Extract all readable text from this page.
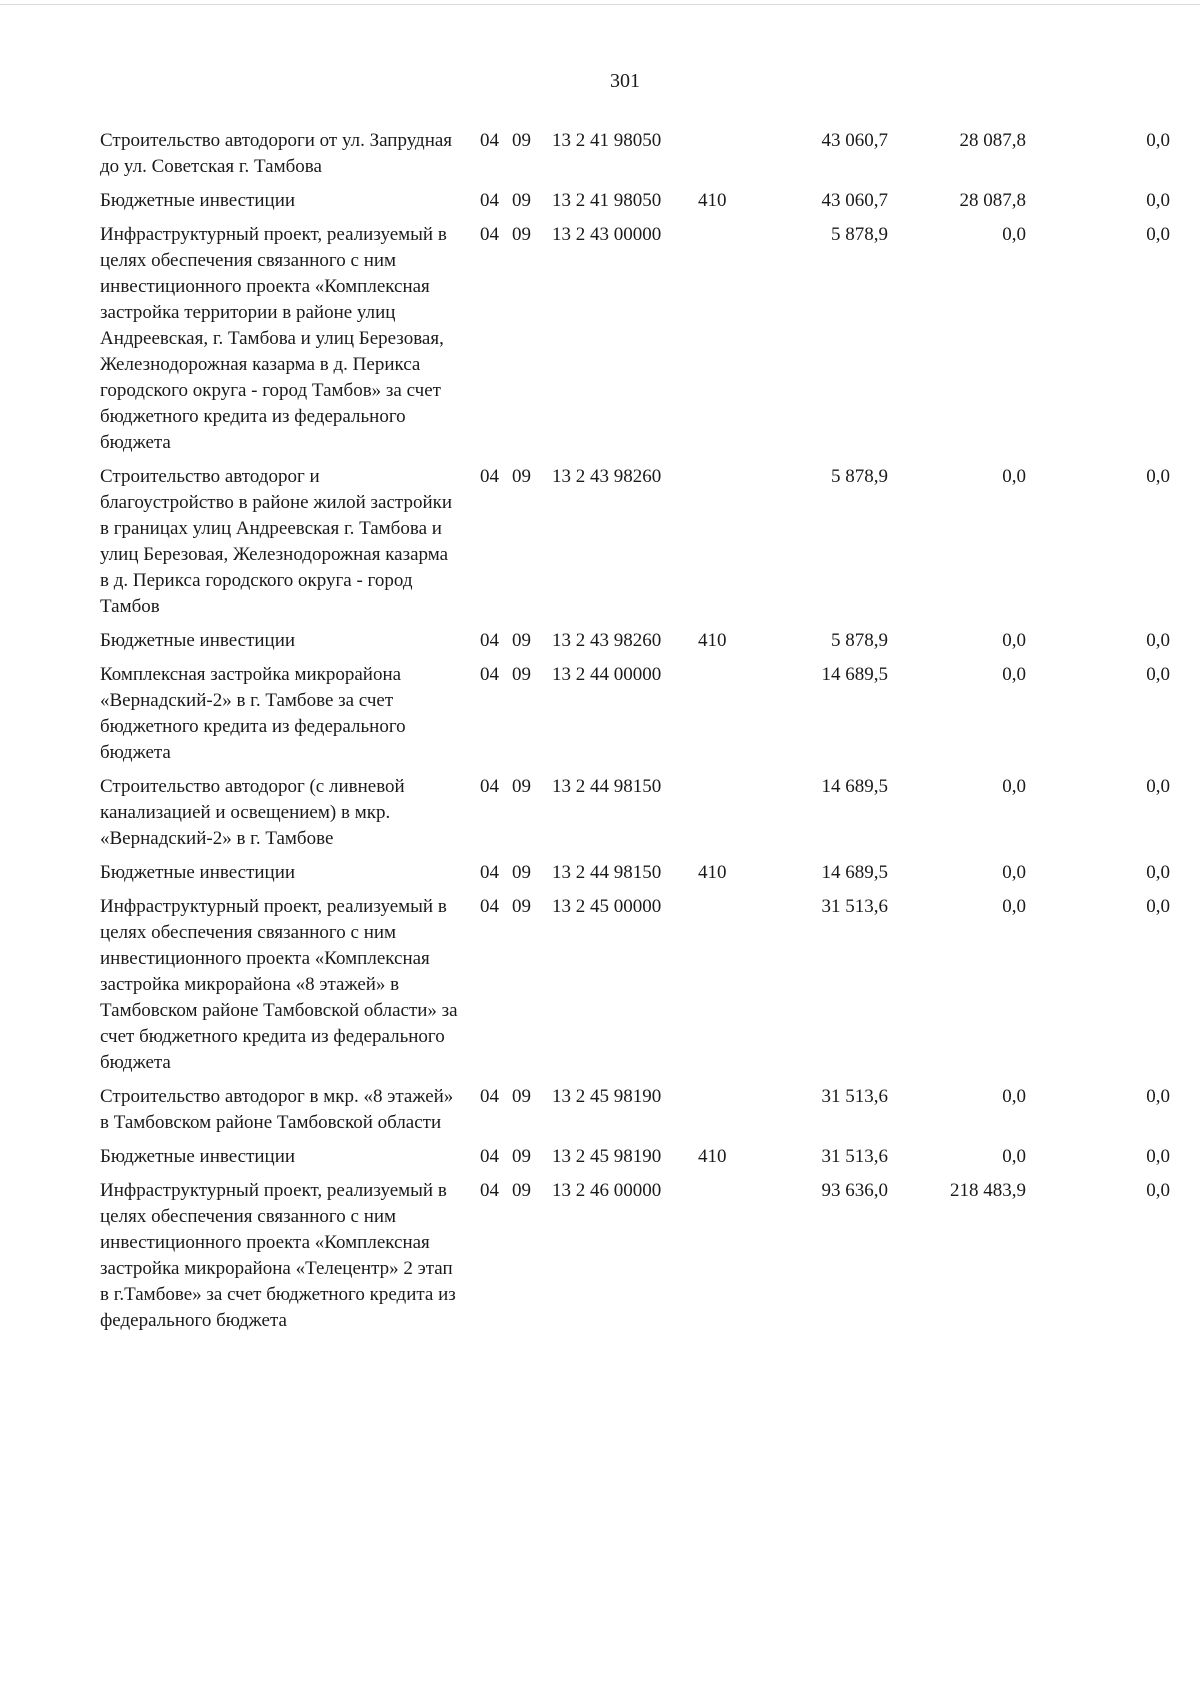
301
Строительство автодороги от ул. Запрудная до ул. Советская г. Тамбова	04	09	13 2 41 98050		43 060,7	28 087,8	0,0
Бюджетные инвестиции	04	09	13 2 41 98050	410	43 060,7	28 087,8	0,0
Инфраструктурный проект, реализуемый в целях обеспечения связанного с ним инвестиционного проекта «Комплексная застройка территории в районе улиц Андреевская, г. Тамбова и улиц Березовая, Железнодорожная казарма в д. Перикса городского округа - город Тамбов» за счет бюджетного кредита из федерального бюджета	04	09	13 2 43 00000		5 878,9	0,0	0,0
Строительство автодорог и благоустройство в районе жилой застройки в границах улиц Андреевская г. Тамбова и улиц Березовая, Железнодорожная казарма в д. Перикса городского округа - город Тамбов	04	09	13 2 43 98260		5 878,9	0,0	0,0
Бюджетные инвестиции	04	09	13 2 43 98260	410	5 878,9	0,0	0,0
Комплексная застройка микрорайона «Вернадский-2» в г. Тамбове за счет бюджетного кредита из федерального бюджета	04	09	13 2 44 00000		14 689,5	0,0	0,0
Строительство автодорог (с ливневой канализацией и освещением) в мкр. «Вернадский-2» в г. Тамбове	04	09	13 2 44 98150		14 689,5	0,0	0,0
Бюджетные инвестиции	04	09	13 2 44 98150	410	14 689,5	0,0	0,0
Инфраструктурный проект, реализуемый в целях обеспечения связанного с ним инвестиционного проекта «Комплексная застройка микрорайона «8 этажей» в Тамбовском районе Тамбовской области» за счет бюджетного кредита из федерального бюджета	04	09	13 2 45 00000		31 513,6	0,0	0,0
Строительство автодорог в мкр. «8 этажей» в Тамбовском районе Тамбовской области	04	09	13 2 45 98190		31 513,6	0,0	0,0
Бюджетные инвестиции	04	09	13 2 45 98190	410	31 513,6	0,0	0,0
Инфраструктурный проект, реализуемый в целях обеспечения связанного с ним инвестиционного проекта «Комплексная застройка микрорайона «Телецентр» 2 этап в г.Тамбове» за счет бюджетного кредита из федерального бюджета	04	09	13 2 46 00000		93 636,0	218 483,9	0,0
